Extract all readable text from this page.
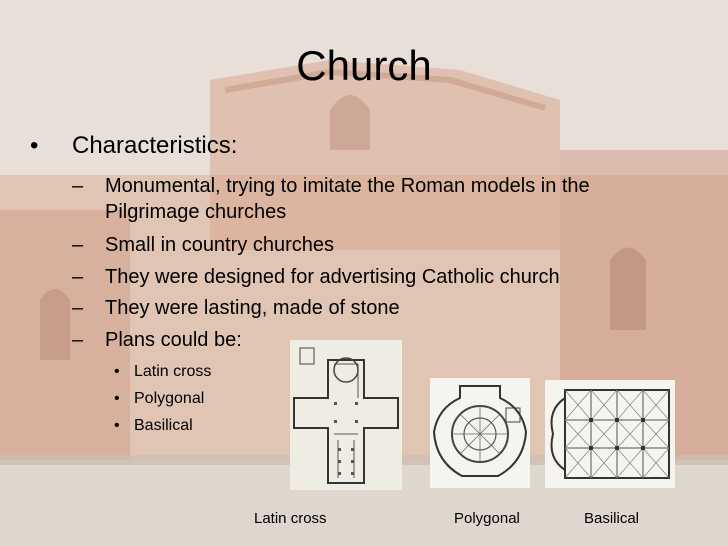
Church
• Characteristics:
– Monumental, trying to imitate the Roman models in the
Pilgrimage churches
– Small in country churches
– They were designed for advertising Catholic church
– They were lasting, made of stone
– Plans could be:
• Latin cross
• Polygonal
• Basilical
Latin cross	Polygonal	Basilical
